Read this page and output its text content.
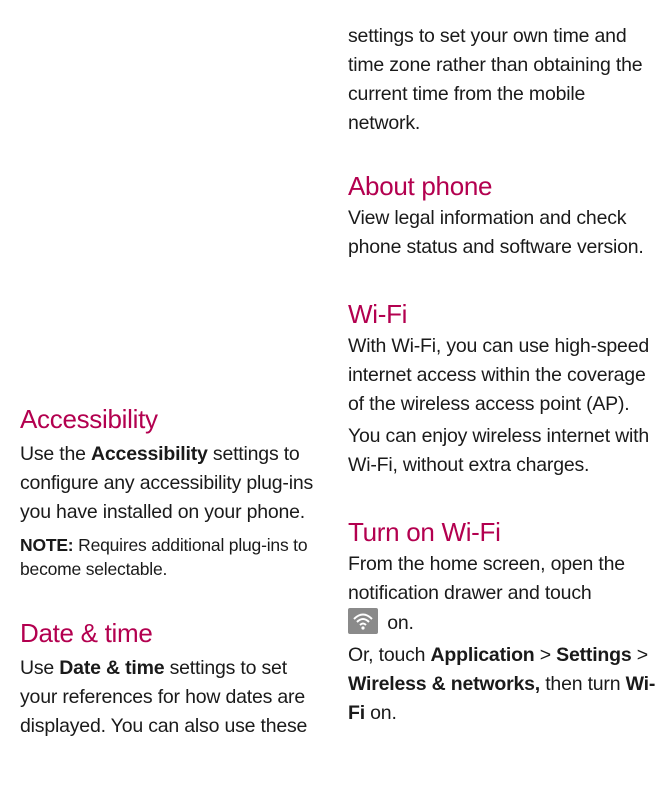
settings to set your own time and time zone rather than obtaining the current time from the mobile network.

About phone

View legal information and check phone status and software version.

Wi-Fi

With Wi-Fi, you can use high-speed internet access within the coverage of the wireless access point (AP).

You can enjoy wireless internet with Wi-Fi, without extra charges.

Turn on Wi-Fi

From the home screen, open the notification drawer and touch

on.

Or, touch Application > Settings > Wireless & networks, then turn Wi-Fi on.

Accessibility

Use the Accessibility settings to configure any accessibility plug-ins you have installed on your phone.

NOTE: Requires additional plug-ins to become selectable.

Date & time

Use Date & time settings to set your references for how dates are displayed. You can also use these
